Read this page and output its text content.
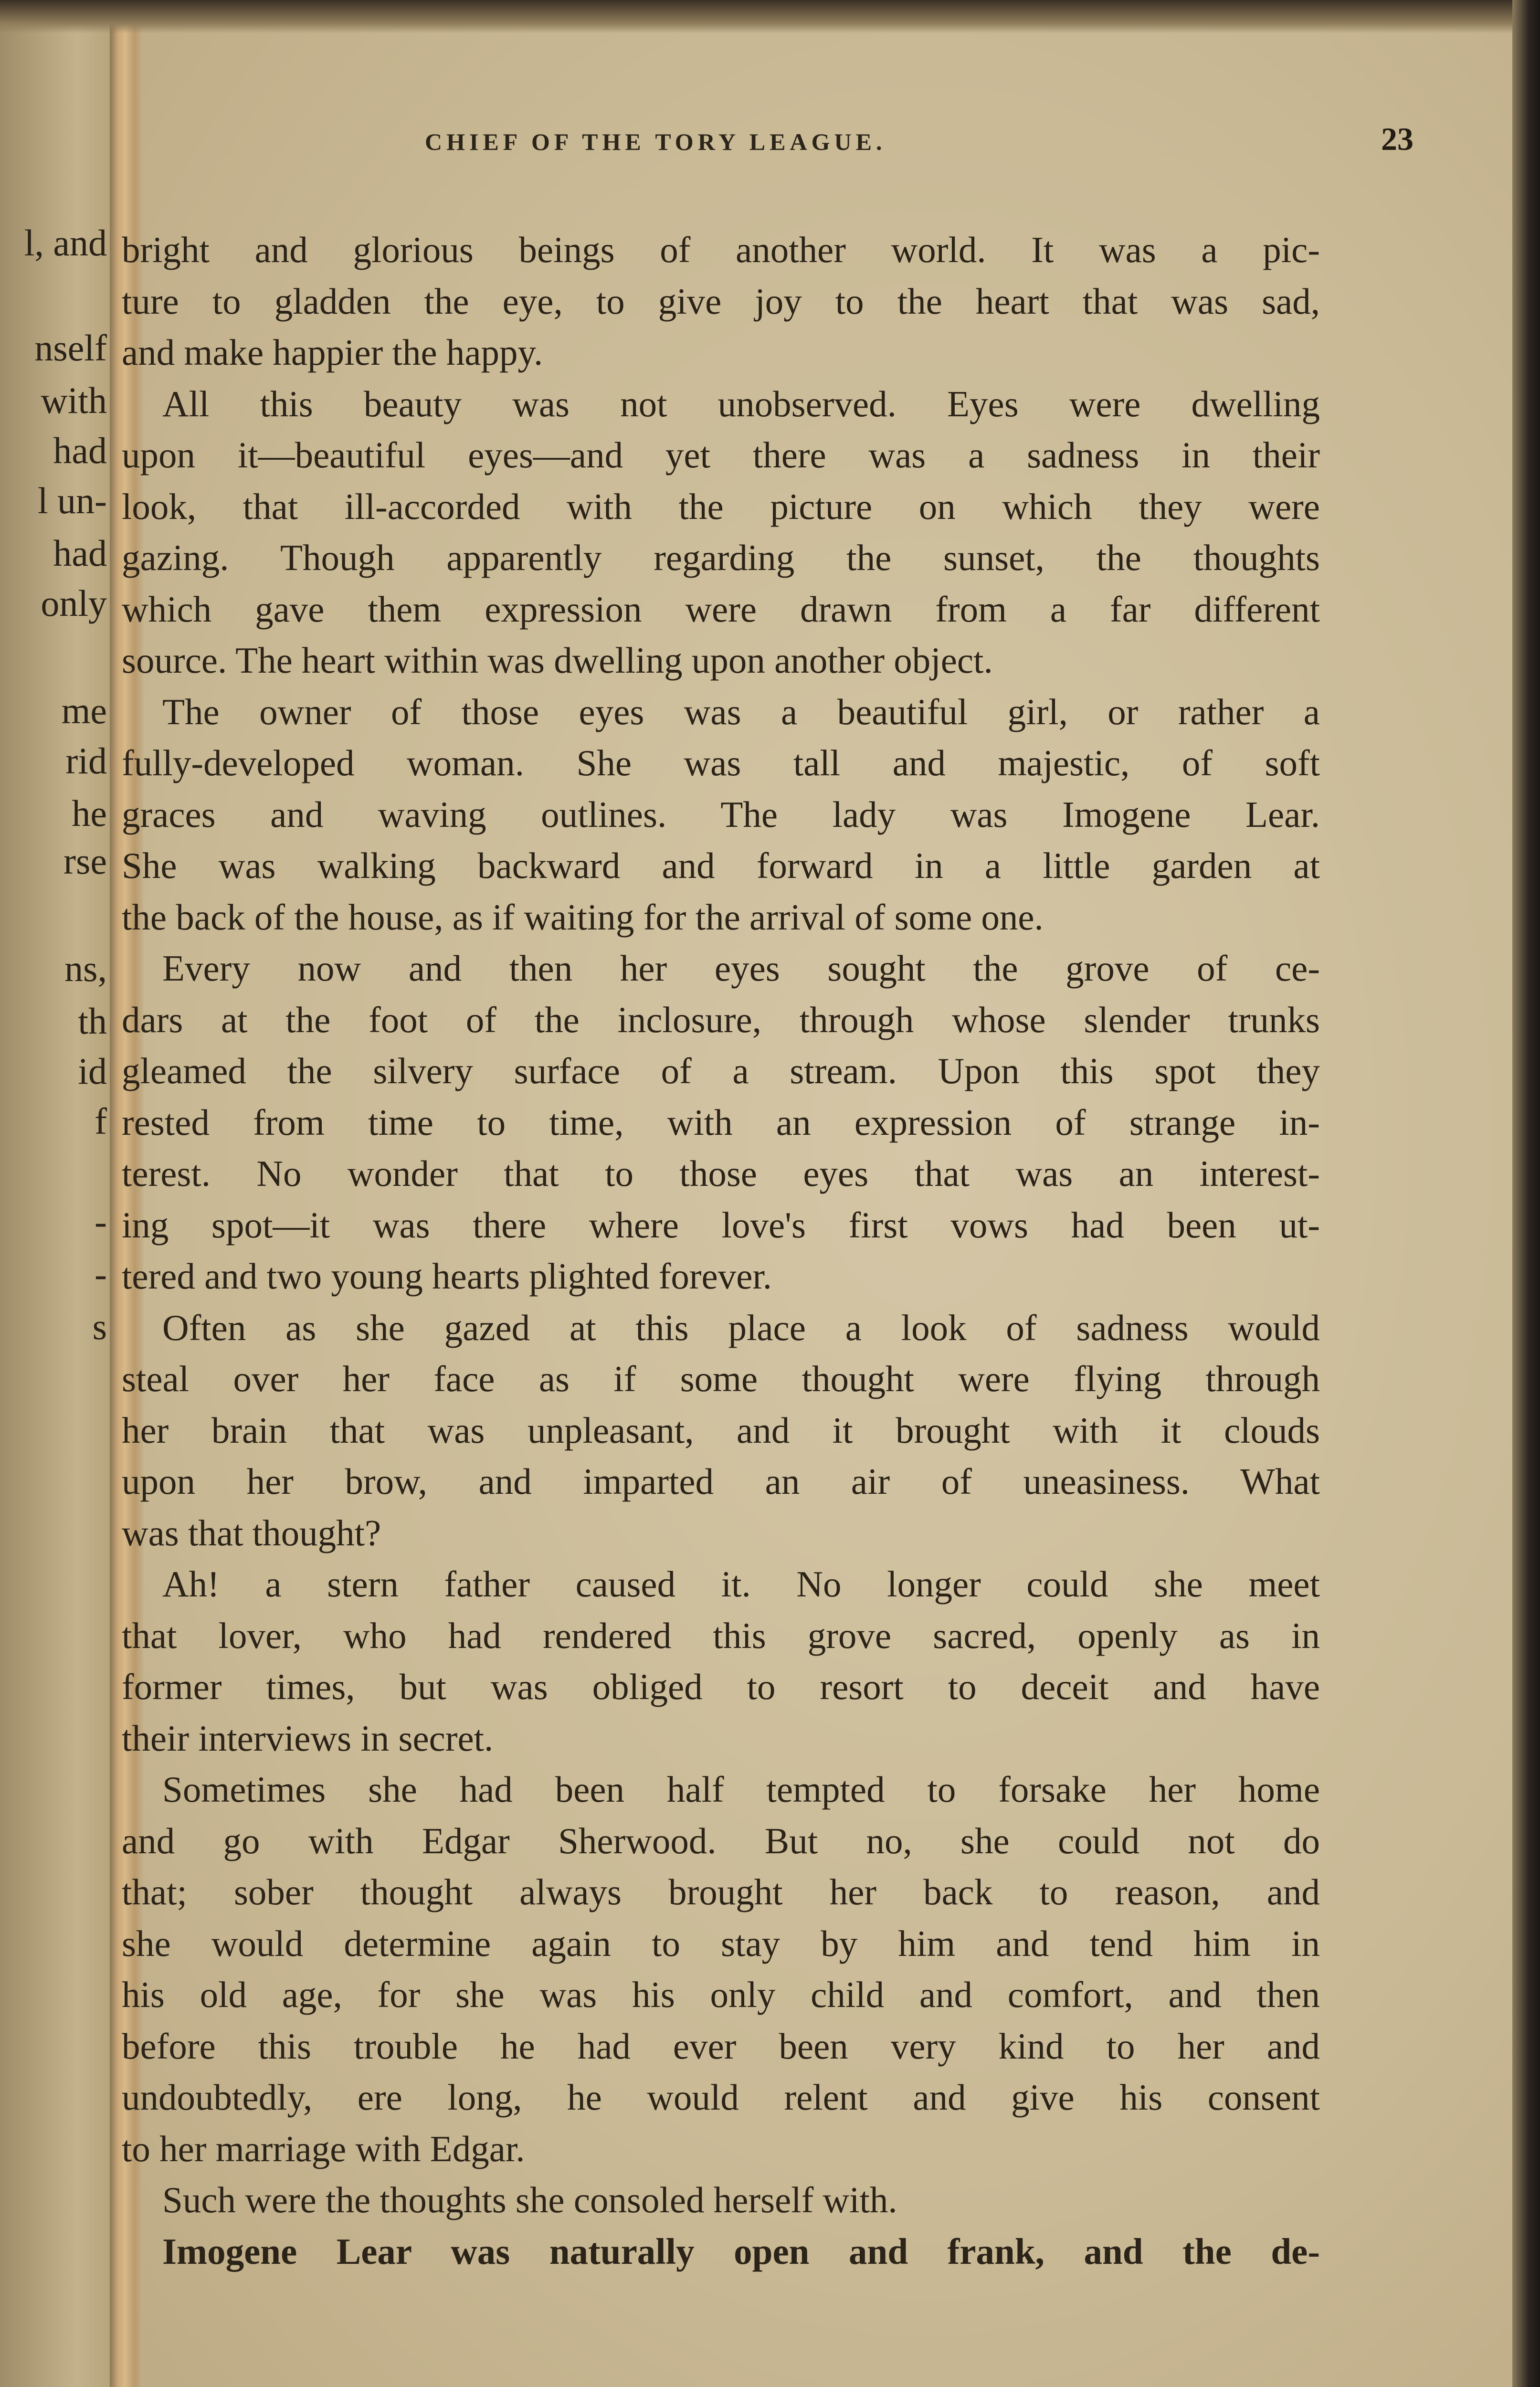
l, and
nself
with
had
l un-
had
only
me
rid
he
rse
ns,
th
id
f
-
-
s
CHIEF OF THE TORY LEAGUE.	23
bright and glorious beings of another world. It was a pic-
ture to gladden the eye, to give joy to the heart that was sad,
and make happier the happy.
All this beauty was not unobserved. Eyes were dwelling
upon it—beautiful eyes—and yet there was a sadness in their
look, that ill-accorded with the picture on which they were
gazing. Though apparently regarding the sunset, the thoughts
which gave them expression were drawn from a far different
source. The heart within was dwelling upon another object.
The owner of those eyes was a beautiful girl, or rather a
fully-developed woman. She was tall and majestic, of soft
graces and waving outlines. The lady was Imogene Lear.
She was walking backward and forward in a little garden at
the back of the house, as if waiting for the arrival of some one.
Every now and then her eyes sought the grove of ce-
dars at the foot of the inclosure, through whose slender trunks
gleamed the silvery surface of a stream. Upon this spot they
rested from time to time, with an expression of strange in-
terest. No wonder that to those eyes that was an interest-
ing spot—it was there where love's first vows had been ut-
tered and two young hearts plighted forever.
Often as she gazed at this place a look of sadness would
steal over her face as if some thought were flying through
her brain that was unpleasant, and it brought with it clouds
upon her brow, and imparted an air of uneasiness. What
was that thought?
Ah! a stern father caused it. No longer could she meet
that lover, who had rendered this grove sacred, openly as in
former times, but was obliged to resort to deceit and have
their interviews in secret.
Sometimes she had been half tempted to forsake her home
and go with Edgar Sherwood. But no, she could not do
that; sober thought always brought her back to reason, and
she would determine again to stay by him and tend him in
his old age, for she was his only child and comfort, and then
before this trouble he had ever been very kind to her and
undoubtedly, ere long, he would relent and give his consent
to her marriage with Edgar.
Such were the thoughts she consoled herself with.
Imogene Lear was naturally open and frank, and the de-
